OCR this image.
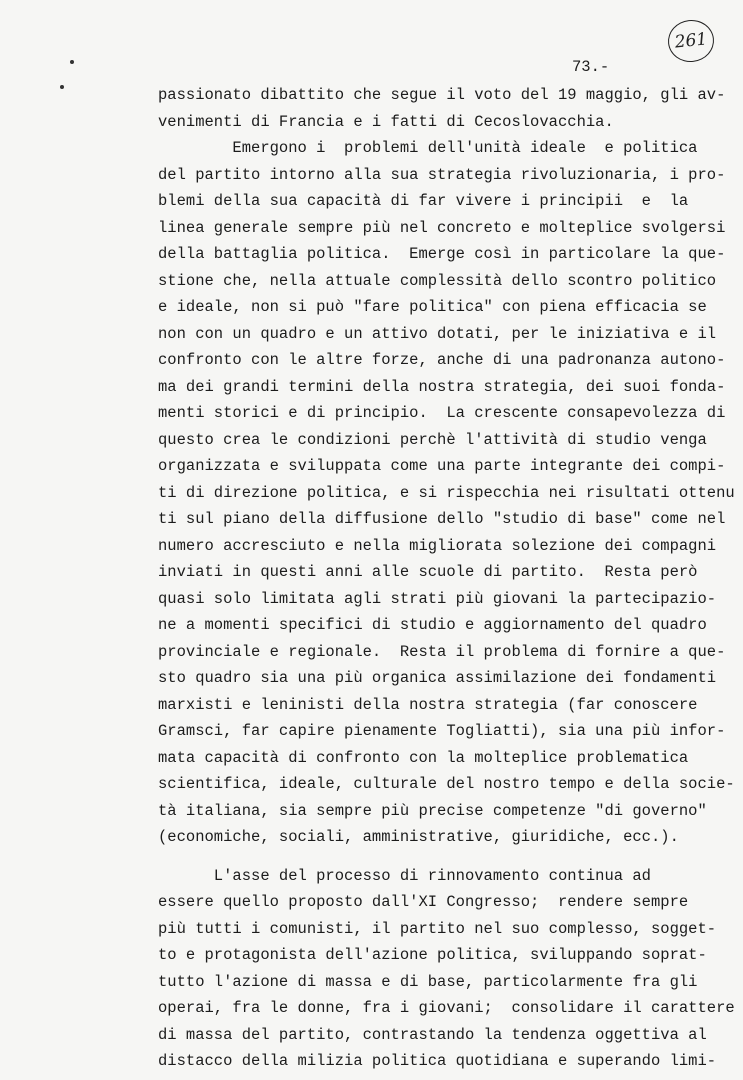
261
73.-
passionato dibattito che segue il voto del 19 maggio, gli av-
venimenti di Francia e i fatti di Cecoslovacchia.
Emergono i  problemi dell'unità ideale  e politica
del partito intorno alla sua strategia rivoluzionaria, i pro-
blemi della sua capacità di far vivere i principii  e  la
linea generale sempre più nel concreto e molteplice svolgersi
della battaglia politica.  Emerge così in particolare la que-
stione che, nella attuale complessità dello scontro politico
e ideale, non si può "fare politica" con piena efficacia se
non con un quadro e un attivo dotati, per le iniziativa e il
confronto con le altre forze, anche di una padronanza autono-
ma dei grandi termini della nostra strategia, dei suoi fonda-
menti storici e di principio.  La crescente consapevolezza di
questo crea le condizioni perchè l'attività di studio venga
organizzata e sviluppata come una parte integrante dei compi-
ti di direzione politica, e si rispecchia nei risultati ottenu
ti sul piano della diffusione dello "studio di base" come nel
numero accresciuto e nella migliorata solezione dei compagni
inviati in questi anni alle scuole di partito.  Resta però
quasi solo limitata agli strati più giovani la partecipazio-
ne a momenti specifici di studio e aggiornamento del quadro
provinciale e regionale.  Resta il problema di fornire a que-
sto quadro sia una più organica assimilazione dei fondamenti
marxisti e leninisti della nostra strategia (far conoscere
Gramsci, far capire pienamente Togliatti), sia una più infor-
mata capacità di confronto con la molteplice problematica
scientifica, ideale, culturale del nostro tempo e della socie-
tà italiana, sia sempre più precise competenze "di governo"
(economiche, sociali, amministrative, giuridiche, ecc.).
L'asse del processo di rinnovamento continua ad
essere quello proposto dall'XI Congresso;  rendere sempre
più tutti i comunisti, il partito nel suo complesso, sogget-
to e protagonista dell'azione politica, sviluppando soprat-
tutto l'azione di massa e di base, particolarmente fra gli
operai, fra le donne, fra i giovani;  consolidare il carattere
di massa del partito, contrastando la tendenza oggettiva al
distacco della milizia politica quotidiana e superando limi-
